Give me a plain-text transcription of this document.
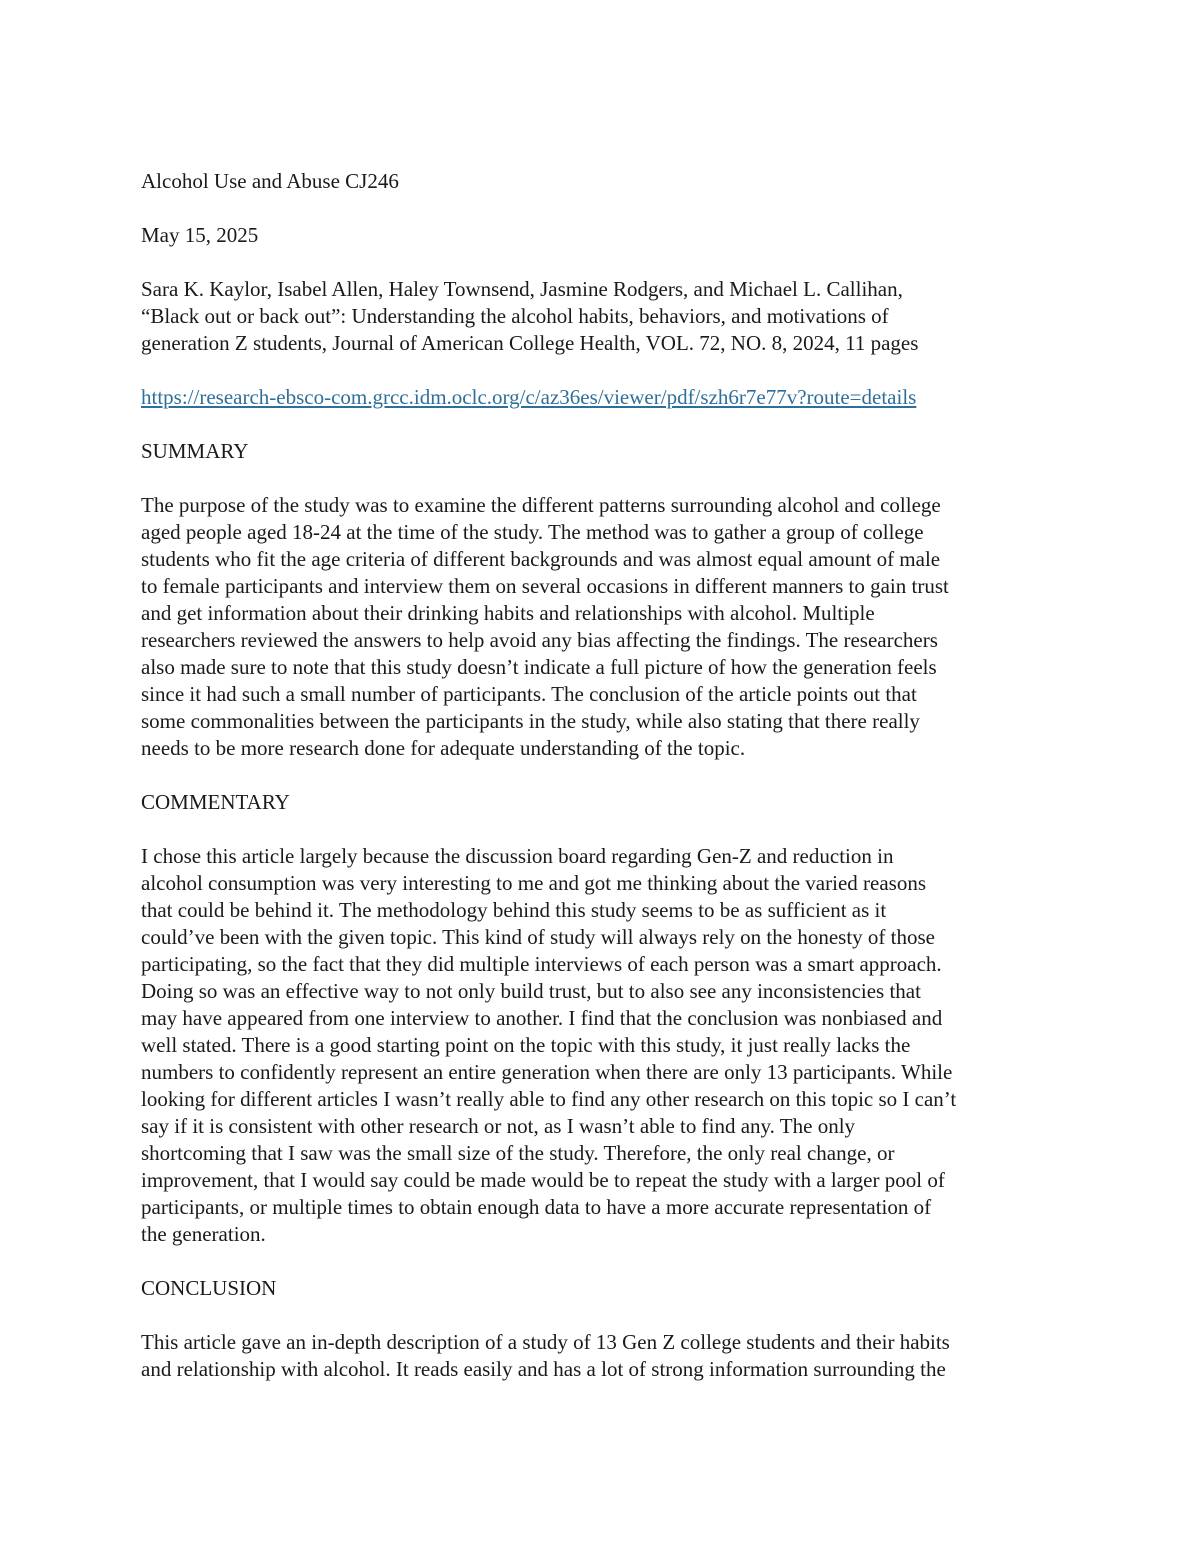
Alcohol Use and Abuse CJ246
May 15, 2025
Sara K. Kaylor, Isabel Allen, Haley Townsend, Jasmine Rodgers, and Michael L. Callihan,
“Black out or back out”: Understanding the alcohol habits, behaviors, and motivations of
generation Z students, Journal of American College Health, VOL. 72, NO. 8, 2024, 11 pages
https://research-ebsco-com.grcc.idm.oclc.org/c/az36es/viewer/pdf/szh6r7e77v?route=details
SUMMARY
The purpose of the study was to examine the different patterns surrounding alcohol and college
aged people aged 18-24 at the time of the study. The method was to gather a group of college
students who fit the age criteria of different backgrounds and was almost equal amount of male
to female participants and interview them on several occasions in different manners to gain trust
and get information about their drinking habits and relationships with alcohol. Multiple
researchers reviewed the answers to help avoid any bias affecting the findings. The researchers
also made sure to note that this study doesn’t indicate a full picture of how the generation feels
since it had such a small number of participants. The conclusion of the article points out that
some commonalities between the participants in the study, while also stating that there really
needs to be more research done for adequate understanding of the topic.
COMMENTARY
I chose this article largely because the discussion board regarding Gen-Z and reduction in
alcohol consumption was very interesting to me and got me thinking about the varied reasons
that could be behind it. The methodology behind this study seems to be as sufficient as it
could’ve been with the given topic. This kind of study will always rely on the honesty of those
participating, so the fact that they did multiple interviews of each person was a smart approach.
Doing so was an effective way to not only build trust, but to also see any inconsistencies that
may have appeared from one interview to another. I find that the conclusion was nonbiased and
well stated. There is a good starting point on the topic with this study, it just really lacks the
numbers to confidently represent an entire generation when there are only 13 participants. While
looking for different articles I wasn’t really able to find any other research on this topic so I can’t
say if it is consistent with other research or not, as I wasn’t able to find any. The only
shortcoming that I saw was the small size of the study. Therefore, the only real change, or
improvement, that I would say could be made would be to repeat the study with a larger pool of
participants, or multiple times to obtain enough data to have a more accurate representation of
the generation.
CONCLUSION
This article gave an in-depth description of a study of 13 Gen Z college students and their habits
and relationship with alcohol. It reads easily and has a lot of strong information surrounding the
